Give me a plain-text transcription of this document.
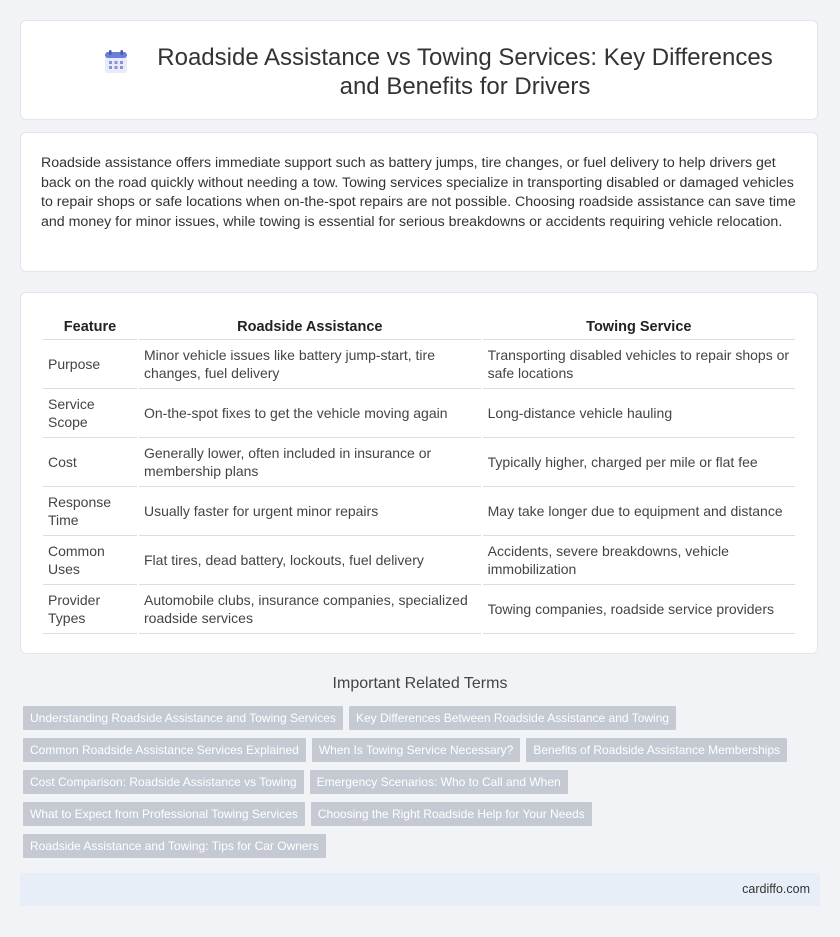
Roadside Assistance vs Towing Services: Key Differences and Benefits for Drivers

Roadside assistance offers immediate support such as battery jumps, tire changes, or fuel delivery to help drivers get back on the road quickly without needing a tow. Towing services specialize in transporting disabled or damaged vehicles to repair shops or safe locations when on-the-spot repairs are not possible. Choosing roadside assistance can save time and money for minor issues, while towing is essential for serious breakdowns or accidents requiring vehicle relocation.

Feature	Roadside Assistance	Towing Service
Purpose	Minor vehicle issues like battery jump-start, tire changes, fuel delivery	Transporting disabled vehicles to repair shops or safe locations
Service Scope	On-the-spot fixes to get the vehicle moving again	Long-distance vehicle hauling
Cost	Generally lower, often included in insurance or membership plans	Typically higher, charged per mile or flat fee
Response Time	Usually faster for urgent minor repairs	May take longer due to equipment and distance
Common Uses	Flat tires, dead battery, lockouts, fuel delivery	Accidents, severe breakdowns, vehicle immobilization
Provider Types	Automobile clubs, insurance companies, specialized roadside services	Towing companies, roadside service providers
Important Related Terms
Understanding Roadside Assistance and Towing Services	Key Differences Between Roadside Assistance and Towing
Common Roadside Assistance Services Explained	When Is Towing Service Necessary?	Benefits of Roadside Assistance Memberships
Cost Comparison: Roadside Assistance vs Towing	Emergency Scenarios: Who to Call and When
What to Expect from Professional Towing Services	Choosing the Right Roadside Help for Your Needs
Roadside Assistance and Towing: Tips for Car Owners
cardiffo.com
